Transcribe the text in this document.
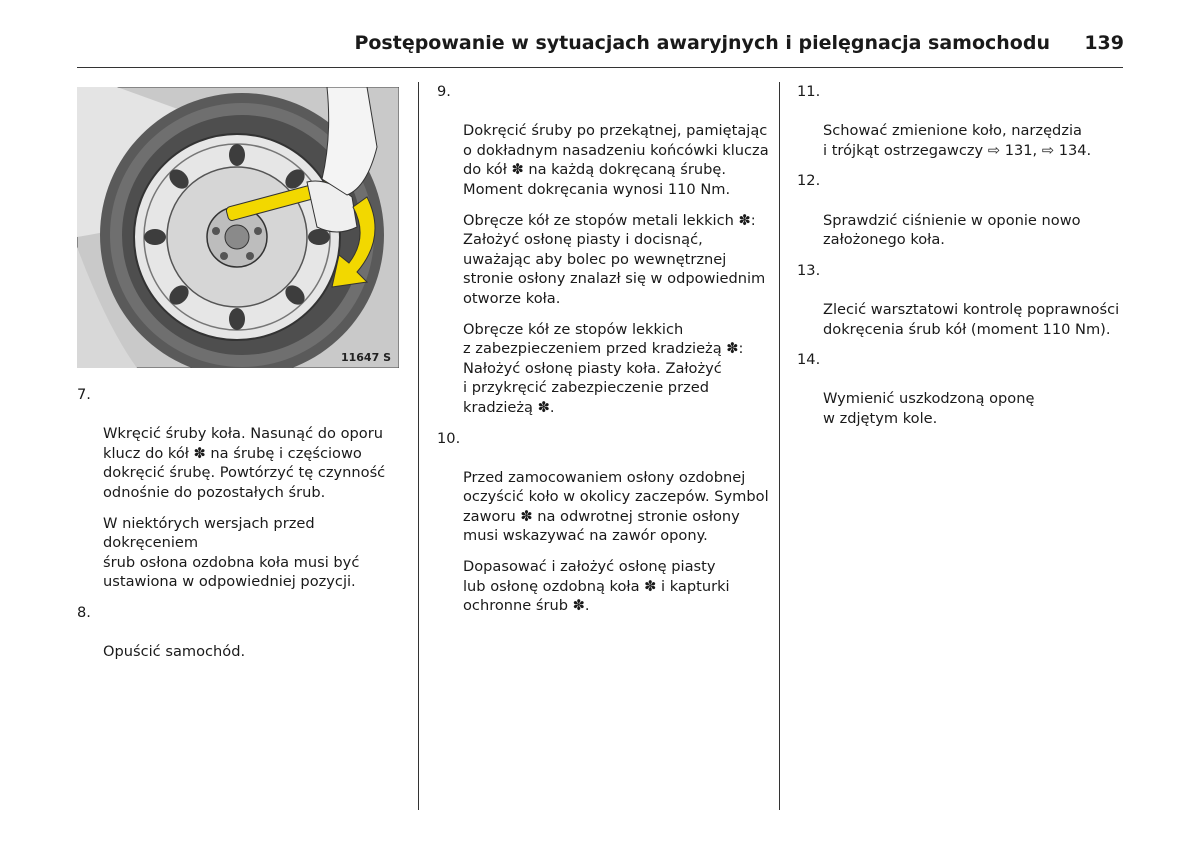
Postępowanie w sytuacjach awaryjnych i pielęgnacja samochodu 139
11647 S

7.

Wkręcić śruby koła. Nasunąć do oporu
klucz do kół ✽ na śrubę i częściowo
dokręcić śrubę. Powtórzyć tę czynność
odnośnie do pozostałych śrub.

W niektórych wersjach przed dokręceniem
śrub osłona ozdobna koła musi być
ustawiona w odpowiedniej pozycji.

8.

Opuścić samochód.

9.

Dokręcić śruby po przekątnej, pamiętając
o dokładnym nasadzeniu końcówki klucza
do kół ✽ na każdą dokręcaną śrubę.
Moment dokręcania wynosi 110 Nm.

Obręcze kół ze stopów metali lekkich ✽:
Założyć osłonę piasty i docisnąć,
uważając aby bolec po wewnętrznej
stronie osłony znalazł się w odpowiednim
otworze koła.
Obręcze kół ze stopów lekkich
z zabezpieczeniem przed kradzieżą ✽:
Nałożyć osłonę piasty koła. Założyć
i przykręcić zabezpieczenie przed
kradzieżą ✽.

10.

Przed zamocowaniem osłony ozdobnej
oczyścić koło w okolicy zaczepów. Symbol
zaworu ✽ na odwrotnej stronie osłony
musi wskazywać na zawór opony.

Dopasować i założyć osłonę piasty
lub osłonę ozdobną koła ✽ i kapturki
ochronne śrub ✽.

11.

Schować zmienione koło, narzędzia
i trójkąt ostrzegawczy ⇨ 131, ⇨ 134.

12.

Sprawdzić ciśnienie w oponie nowo
założonego koła.

13.

Zlecić warsztatowi kontrolę poprawności
dokręcenia śrub kół (moment 110 Nm).

14.

Wymienić uszkodzoną oponę
w zdjętym kole.
